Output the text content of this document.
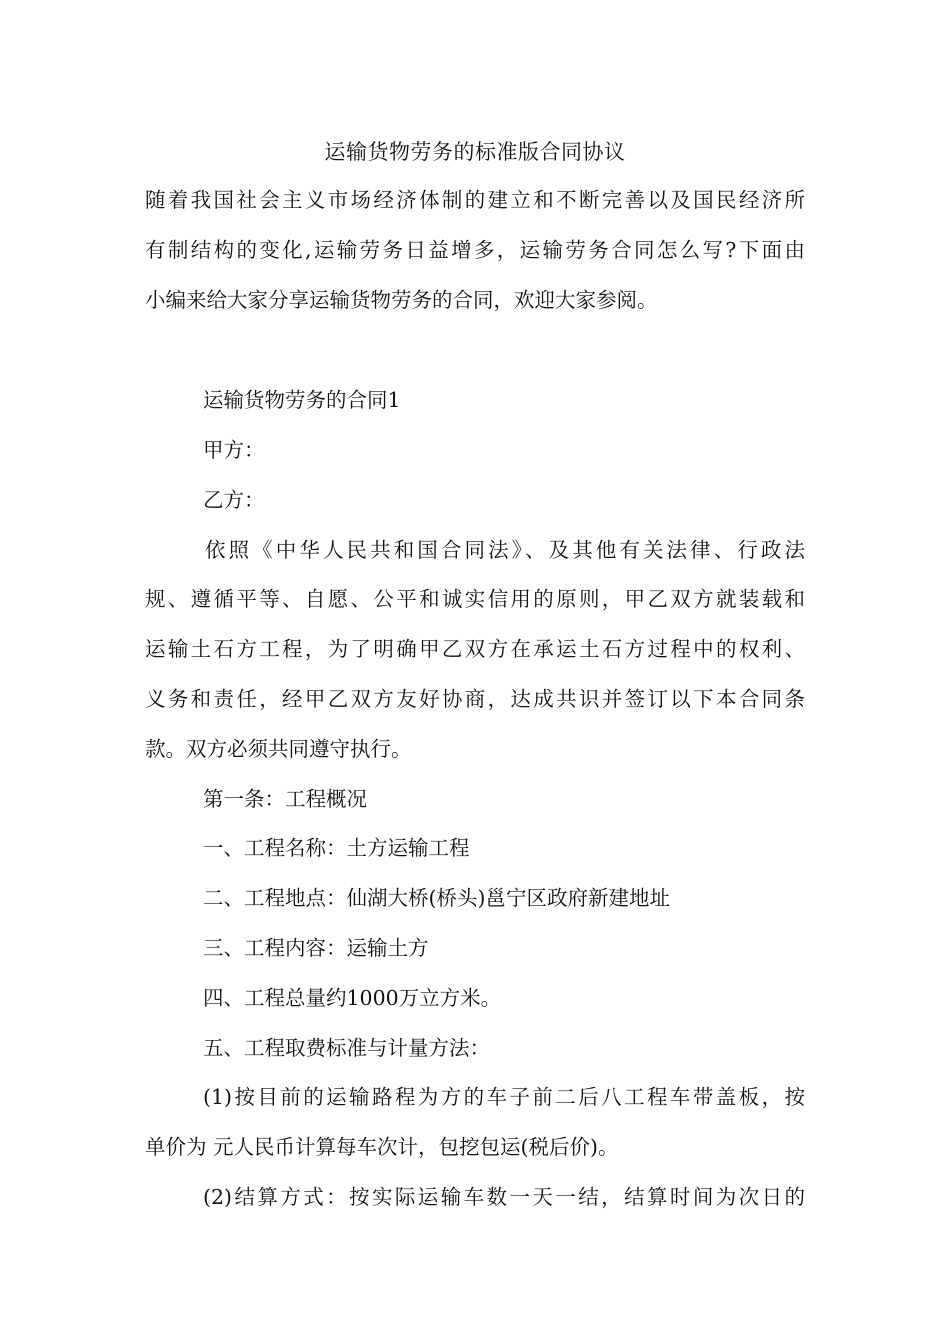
运输货物劳务的标准版合同协议

随着我国社会主义市场经济体制的建立和不断完善以及国民经济所

有制结构的变化,运输劳务日益增多，运输劳务合同怎么写?下面由

小编来给大家分享运输货物劳务的合同，欢迎大家参阅。

运输货物劳务的合同1

甲方：

乙方：

依照《中华人民共和国合同法》、及其他有关法律、行政法

规、遵循平等、自愿、公平和诚实信用的原则，甲乙双方就装载和

运输土石方工程，为了明确甲乙双方在承运土石方过程中的权利、

义务和责任，经甲乙双方友好协商，达成共识并签订以下本合同条

款。双方必须共同遵守执行。

第一条：工程概况

一、工程名称：土方运输工程

二、工程地点：仙湖大桥(桥头)邕宁区政府新建地址

三、工程内容：运输土方

四、工程总量约1000万立方米。

五、工程取费标准与计量方法：

(1)按目前的运输路程为方的车子前二后八工程车带盖板，按

单价为 元人民币计算每车次计，包挖包运(税后价)。

(2)结算方式：按实际运输车数一天一结，结算时间为次日的
